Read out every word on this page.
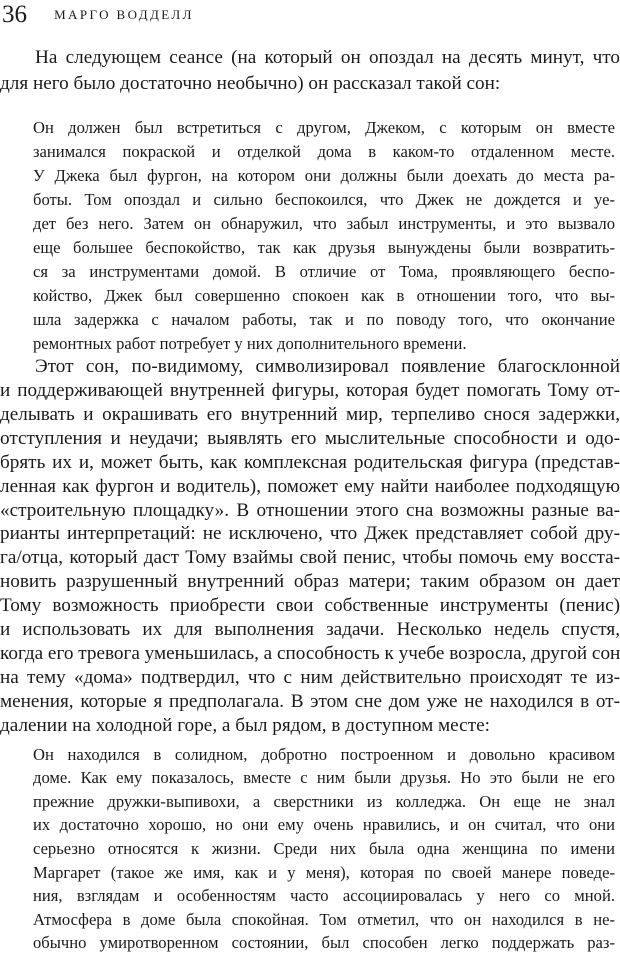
36 $^{МАРГО ВОДДЕЛЛ}$
На следующем сеансе (на который он опоздал на десять минут, что
для него было достаточно необычно) он рассказал такой сон:
Он должен был встретиться с другом, Джеком, с которым он вместе
занимался покраской и отделкой дома в каком-то отдаленном месте.
У Джека был фургон, на котором они должны были доехать до места ра-
боты. Том опоздал и сильно беспокоился, что Джек не дождется и уе-
дет без него. Затем он обнаружил, что забыл инструменты, и это вызвало
еще большее беспокойство, так как друзья вынуждены были возвратить-
ся за инструментами домой. В отличие от Тома, проявляющего беспо-
койство, Джек был совершенно спокоен как в отношении того, что вы-
шла задержка с началом работы, так и по поводу того, что окончание
ремонтных работ потребует у них дополнительного времени.
Этот сон, по-видимому, символизировал появление благосклонной
и поддерживающей внутренней фигуры, которая будет помогать Тому от-
делывать и окрашивать его внутренний мир, терпеливо снося задержки,
отступления и неудачи; выявлять его мыслительные способности и одо-
брять их и, может быть, как комплексная родительская фигура (представ-
ленная как фургон и водитель), поможет ему найти наиболее подходящую
«строительную площадку». В отношении этого сна возможны разные ва-
рианты интерпретаций: не исключено, что Джек представляет собой дру-
га/отца, который даст Тому взаймы свой пенис, чтобы помочь ему восста-
новить разрушенный внутренний образ матери; таким образом он дает
Тому возможность приобрести свои собственные инструменты (пенис)
и использовать их для выполнения задачи. Несколько недель спустя,
когда его тревога уменьшилась, а способность к учебе возросла, другой сон
на тему «дома» подтвердил, что с ним действительно происходят те из-
менения, которые я предполагала. В этом сне дом уже не находился в от-
далении на холодной горе, а был рядом, в доступном месте:
Он находился в солидном, добротно построенном и довольно красивом
доме. Как ему показалось, вместе с ним были друзья. Но это были не его
прежние дружки-выпивохи, а сверстники из колледжа. Он еще не знал
их достаточно хорошо, но они ему очень нравились, и он считал, что они
серьезно относятся к жизни. Среди них была одна женщина по имени
Маргарет (такое же имя, как и у меня), которая по своей манере поведе-
ния, взглядам и особенностям часто ассоциировалась у него со мной.
Атмосфера в доме была спокойная. Том отметил, что он находился в не-
обычно умиротворенном состоянии, был способен легко поддержать раз-
